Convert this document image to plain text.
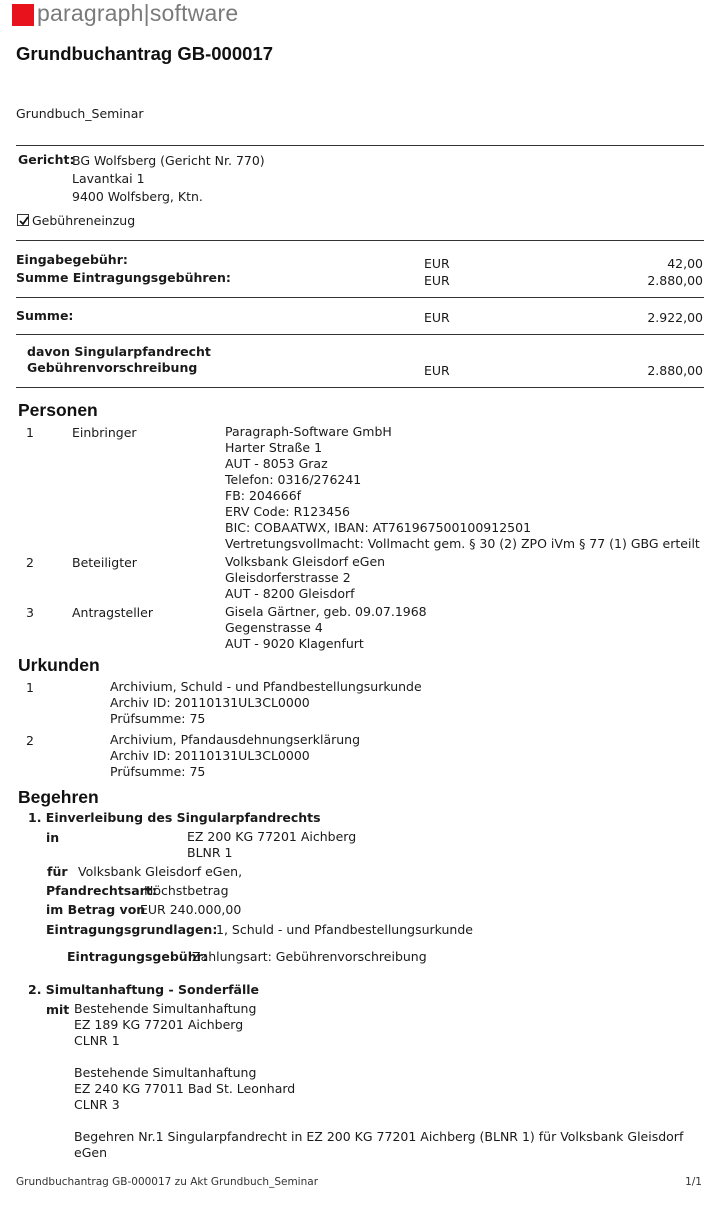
paragraph|software
Grundbuchantrag GB-000017
Grundbuch_Seminar
Gericht:
BG Wolfsberg (Gericht Nr. 770)
Lavantkai 1
9400 Wolfsberg, Ktn.
Gebühreneinzug
Eingabegebühr:	EUR	42,00
Summe Eintragungsgebühren:	EUR	2.880,00
Summe:	EUR	2.922,00
davon Singularpfandrecht
Gebührenvorschreibung	EUR	2.880,00
Personen
1	Einbringer	Paragraph-Software GmbH
Harter Straße 1
AUT - 8053 Graz
Telefon: 0316/276241
FB: 204666f
ERV Code: R123456
BIC: COBAATWX, IBAN: AT761967500100912501
Vertretungsvollmacht: Vollmacht gem. § 30 (2) ZPO iVm § 77 (1) GBG erteilt
2	Beteiligter	Volksbank Gleisdorf eGen
Gleisdorferstrasse 2
AUT - 8200 Gleisdorf
3	Antragsteller	Gisela Gärtner, geb. 09.07.1968
Gegenstrasse 4
AUT - 9020 Klagenfurt
Urkunden
1	Archivium, Schuld - und Pfandbestellungsurkunde
Archiv ID: 20110131UL3CL0000
Prüfsumme: 75
2	Archivium, Pfandausdehnungserklärung
Archiv ID: 20110131UL3CL0000
Prüfsumme: 75
Begehren
1. Einverleibung des Singularpfandrechts
in	EZ 200 KG 77201 Aichberg
BLNR 1
für Volksbank Gleisdorf eGen,
Pfandrechtsart:
Höchstbetrag
im Betrag von
EUR 240.000,00
Eintragungsgrundlagen:
1, Schuld - und Pfandbestellungsurkunde
Eintragungsgebühr:
Zahlungsart: Gebührenvorschreibung
2. Simultanhaftung - Sonderfälle
mit Bestehende Simultanhaftung
EZ 189 KG 77201 Aichberg
CLNR 1
Bestehende Simultanhaftung
EZ 240 KG 77011 Bad St. Leonhard
CLNR 3
Begehren Nr.1 Singularpfandrecht in EZ 200 KG 77201 Aichberg (BLNR 1) für Volksbank Gleisdorf
eGen
Grundbuchantrag GB-000017 zu Akt Grundbuch_Seminar	1/1
